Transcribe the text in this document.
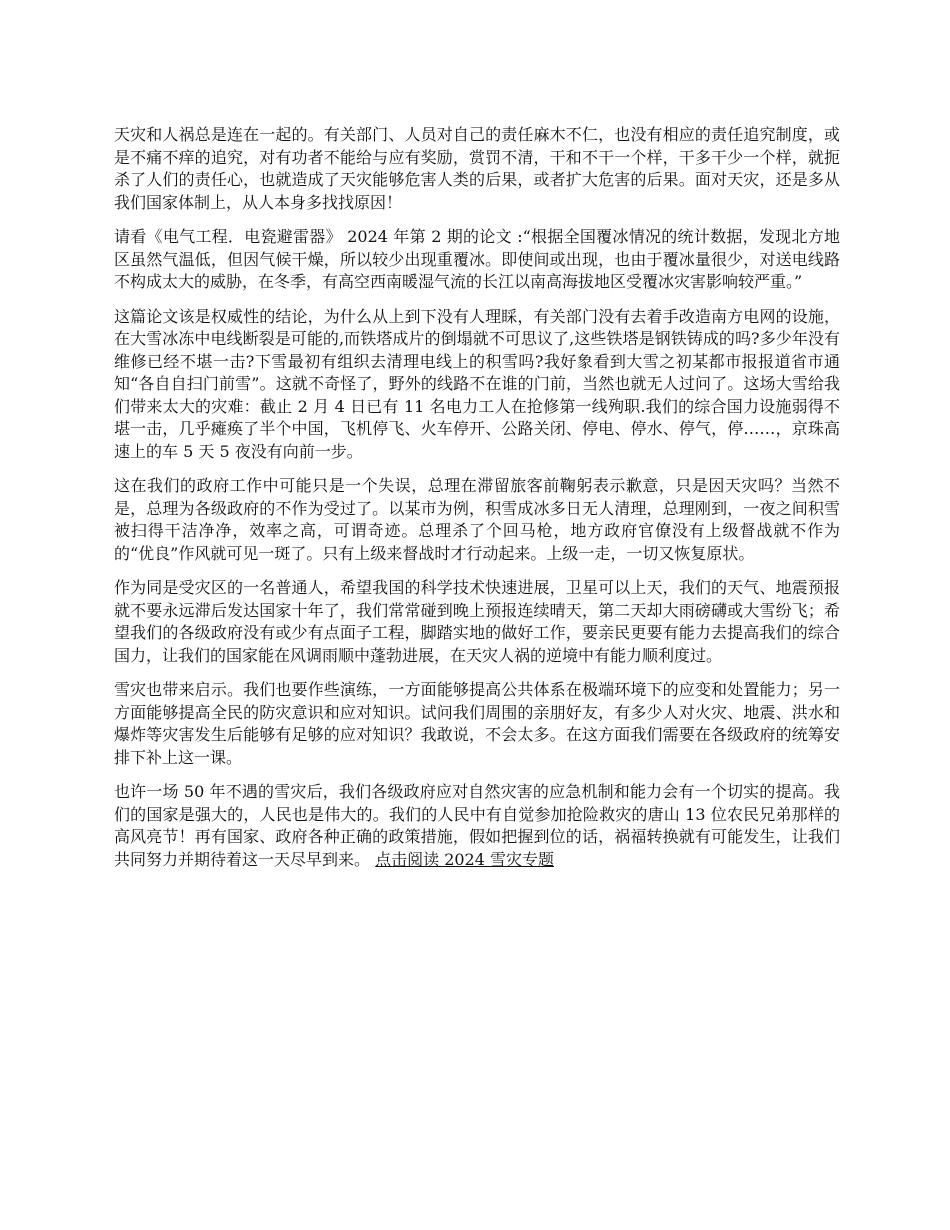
天灾和人祸总是连在一起的。有关部门、人员对自己的责任麻木不仁，也没有相应的责任追究制度，或是不痛不痒的追究，对有功者不能给与应有奖励，赏罚不清，干和不干一个样，干多干少一个样，就扼杀了人们的责任心，也就造成了天灾能够危害人类的后果，或者扩大危害的后果。面对天灾，还是多从我们国家体制上，从人本身多找找原因！

请看《电气工程．电瓷避雷器》 2024 年第 2 期的论文 :“根据全国覆冰情况的统计数据，发现北方地区虽然气温低，但因气候干燥，所以较少出现重覆冰。即使间或出现，也由于覆冰量很少，对送电线路不构成太大的威胁，在冬季，有高空西南暖湿气流的长江以南高海拔地区受覆冰灾害影响较严重。”

这篇论文该是权威性的结论，为什么从上到下没有人理睬，有关部门没有去着手改造南方电网的设施， 在大雪冰冻中电线断裂是可能的,而铁塔成片的倒塌就不可思议了,这些铁塔是钢铁铸成的吗?多少年没有维修已经不堪一击?下雪最初有组织去清理电线上的积雪吗?我好象看到大雪之初某都市报报道省市通知“各自自扫门前雪”。这就不奇怪了，野外的线路不在谁的门前，当然也就无人过问了。这场大雪给我们带来太大的灾难：截止 2 月 4 日已有 11 名电力工人在抢修第一线殉职.我们的综合国力设施弱得不堪一击，几乎瘫痪了半个中国，飞机停飞、火车停开、公路关闭、停电、停水、停气，停……，京珠高速上的车 5 天 5 夜没有向前一步。

这在我们的政府工作中可能只是一个失误，总理在滞留旅客前鞠躬表示歉意，只是因天灾吗？当然不是，总理为各级政府的不作为受过了。以某市为例，积雪成冰多日无人清理，总理刚到，一夜之间积雪被扫得干洁净净，效率之高，可谓奇迹。总理杀了个回马枪，地方政府官僚没有上级督战就不作为的“优良”作风就可见一斑了。只有上级来督战时才行动起来。上级一走，一切又恢复原状。

作为同是受灾区的一名普通人，希望我国的科学技术快速进展，卫星可以上天，我们的天气、地震预报就不要永远滞后发达国家十年了，我们常常碰到晚上预报连续晴天，第二天却大雨磅礴或大雪纷飞；希望我们的各级政府没有或少有点面子工程，脚踏实地的做好工作，要亲民更要有能力去提高我们的综合国力，让我们的国家能在风调雨顺中蓬勃进展，在天灾人祸的逆境中有能力顺利度过。

雪灾也带来启示。我们也要作些演练，一方面能够提高公共体系在极端环境下的应变和处置能力；另一方面能够提高全民的防灾意识和应对知识。试问我们周围的亲朋好友，有多少人对火灾、地震、洪水和爆炸等灾害发生后能够有足够的应对知识？我敢说，不会太多。在这方面我们需要在各级政府的统筹安排下补上这一课。

也许一场 50 年不遇的雪灾后，我们各级政府应对自然灾害的应急机制和能力会有一个切实的提高。我们的国家是强大的，人民也是伟大的。我们的人民中有自觉参加抢险救灾的唐山 13 位农民兄弟那样的高风亮节！再有国家、政府各种正确的政策措施，假如把握到位的话，祸福转换就有可能发生，让我们共同努力并期待着这一天尽早到来。 点击阅读 2024 雪灾专题
